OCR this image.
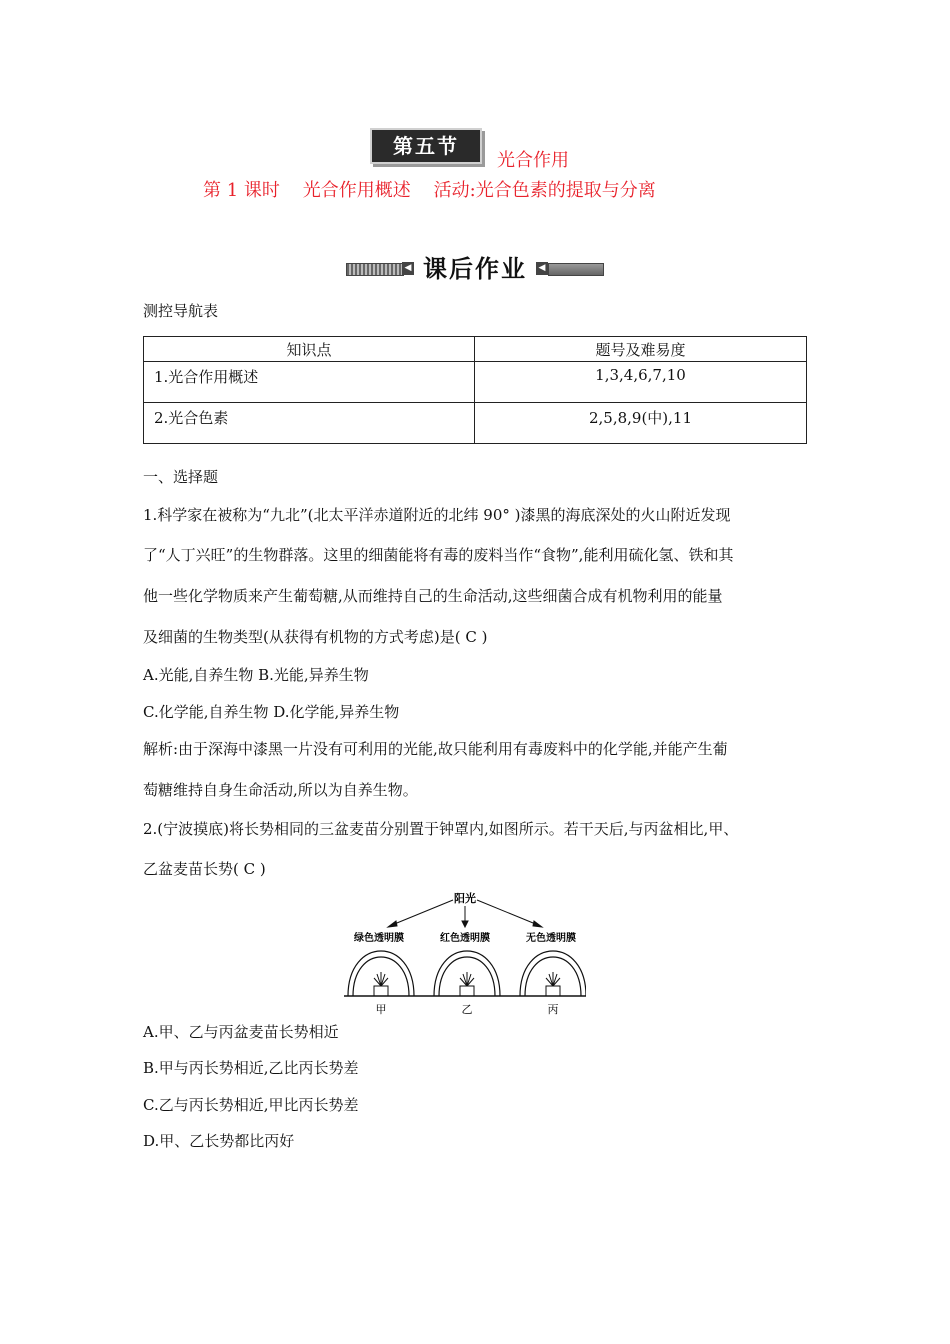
第五节
光合作用
第 1 课时    光合作用概述    活动:光合色素的提取与分离
◀ 课后作业	◀
测控导航表
知识点	题号及难易度
1.光合作用概述	1,3,4,6,7,10
2.光合色素	2,5,8,9(中),11
一、选择题
1.科学家在被称为“九北”(北太平洋赤道附近的北纬 90° )漆黑的海底深处的火山附近发现
了“人丁兴旺”的生物群落。这里的细菌能将有毒的废料当作“食物”,能利用硫化氢、铁和其
他一些化学物质来产生葡萄糖,从而维持自己的生命活动,这些细菌合成有机物利用的能量
及细菌的生物类型(从获得有机物的方式考虑)是( C )
A.光能,自养生物 B.光能,异养生物
C.化学能,自养生物 D.化学能,异养生物
解析:由于深海中漆黑一片没有可利用的光能,故只能利用有毒废料中的化学能,并能产生葡
萄糖维持自身生命活动,所以为自养生物。
2.(宁波摸底)将长势相同的三盆麦苗分别置于钟罩内,如图所示。若干天后,与丙盆相比,甲、
乙盆麦苗长势( C )
阳光
绿色透明膜	红色透明膜	无色透明膜
甲	乙	丙
A.甲、乙与丙盆麦苗长势相近
B.甲与丙长势相近,乙比丙长势差
C.乙与丙长势相近,甲比丙长势差
D.甲、乙长势都比丙好
